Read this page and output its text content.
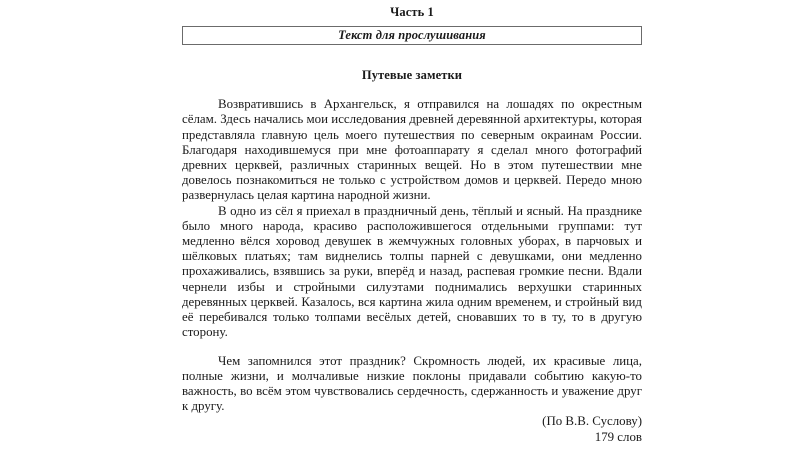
Часть 1
Текст для прослушивания
Путевые заметки

Возвратившись в Архангельск, я отправился на лошадях по окрестным сёлам. Здесь начались мои исследования древней деревянной архитектуры, которая представляла главную цель моего путешествия по северным окраинам России. Благодаря находившемуся при мне фотоаппарату я сделал много фотографий древних церквей, различных старинных вещей. Но в этом путешествии мне довелось познакомиться не только с устройством домов и церквей. Передо мною развернулась целая картина народной жизни.

В одно из сёл я приехал в праздничный день, тёплый и ясный. На празднике было много народа, красиво расположившегося отдельными группами: тут медленно вёлся хоровод девушек в жемчужных головных уборах, в парчовых и шёлковых платьях; там виднелись толпы парней с девушками, они медленно прохаживались, взявшись за руки, вперёд и назад, распевая громкие песни. Вдали чернели избы и стройными силуэтами поднимались верхушки старинных деревянных церквей. Казалось, вся картина жила одним временем, и стройный вид её перебивался только толпами весёлых детей, сновавших то в ту, то в другую сторону.

Чем запомнился этот праздник? Скромность людей, их красивые лица, полные жизни, и молчаливые низкие поклоны придавали событию какую-то важность, во всём этом чувствовались сердечность, сдержанность и уважение друг к другу.

(По В.В. Суслову)
179 слов
